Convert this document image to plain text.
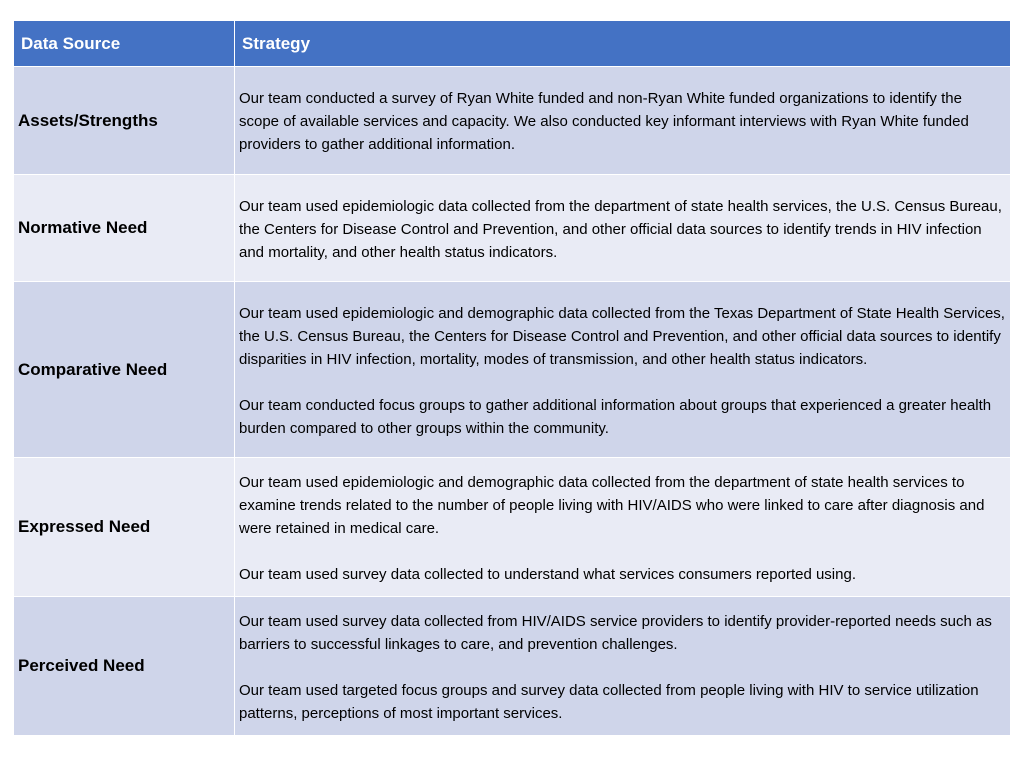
Data Source	Strategy
Assets/Strengths	Our team conducted a survey of Ryan White funded and non-Ryan White funded organizations to identify the scope of available services and capacity. We also conducted key informant interviews with Ryan White funded providers to gather additional information.

Normative Need	Our team used epidemiologic data collected from the department of state health services, the U.S. Census Bureau, the Centers for Disease Control and Prevention, and other official data sources to identify trends in HIV infection and mortality, and other health status indicators.

Comparative Need	Our team used epidemiologic and demographic data collected from the Texas Department of State Health Services, the U.S. Census Bureau, the Centers for Disease Control and Prevention, and other official data sources to identify disparities in HIV infection, mortality, modes of transmission, and other health status indicators.

Our team conducted focus groups to gather additional information about groups that experienced a greater health burden compared to other groups within the community.

Expressed Need	Our team used epidemiologic and demographic data collected from the department of state health services to examine trends related to the number of people living with HIV/AIDS who were linked to care after diagnosis and were retained in medical care.

Our team used survey data collected to understand what services consumers reported using.

Perceived Need	Our team used survey data collected from HIV/AIDS service providers to identify provider-reported needs such as barriers to successful linkages to care, and prevention challenges.

Our team used targeted focus groups and survey data collected from people living with HIV to service utilization patterns, perceptions of most important services.
